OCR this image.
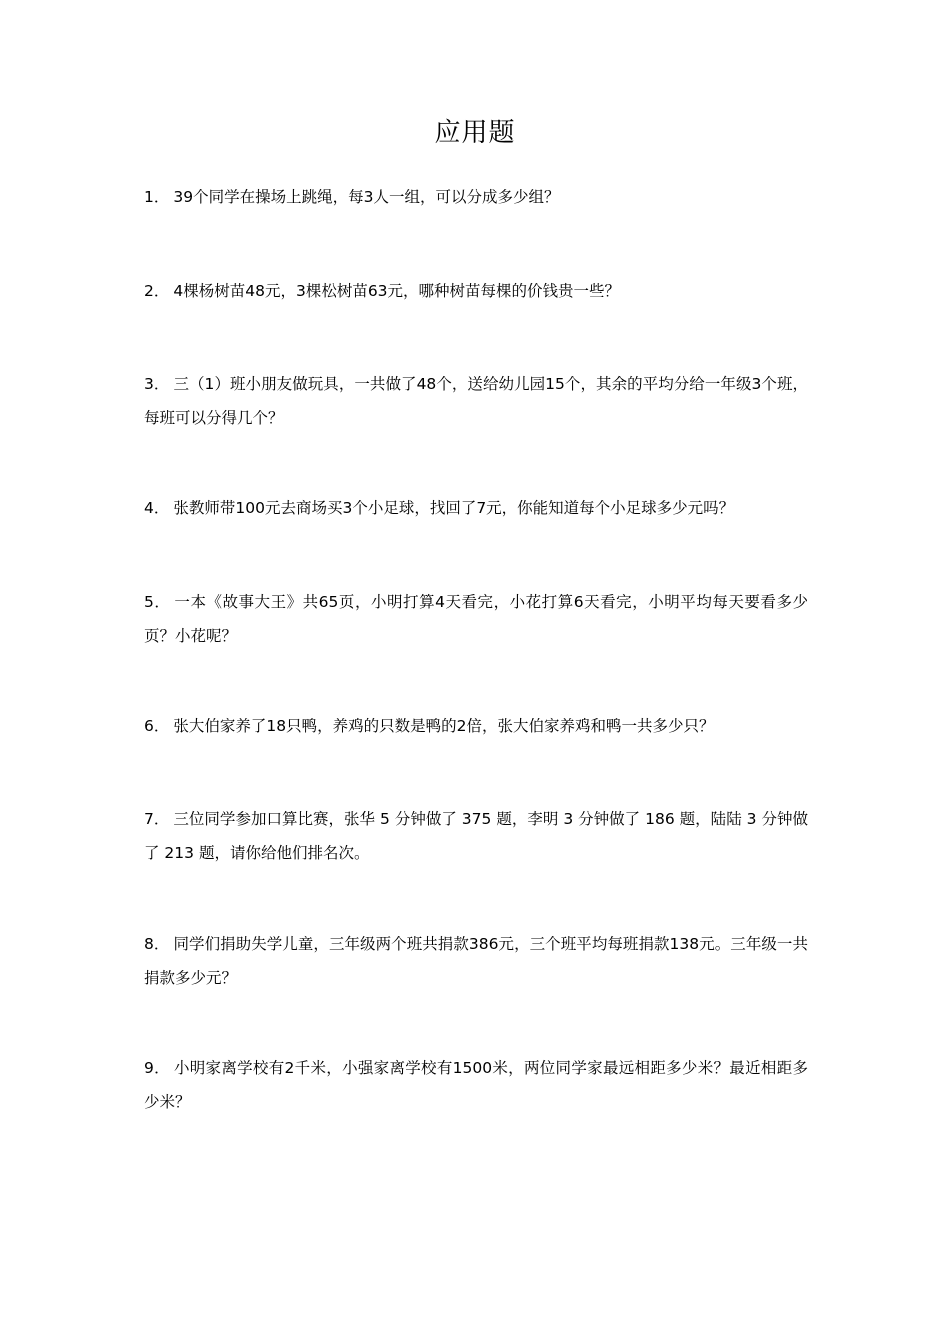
应用题
1． 39个同学在操场上跳绳，每3人一组，可以分成多少组？
2． 4棵杨树苗48元，3棵松树苗63元，哪种树苗每棵的价钱贵一些？
3． 三（1）班小朋友做玩具，一共做了48个，送给幼儿园15个，其余的平均分给一年级3个班，每班可以分得几个？
4． 张教师带100元去商场买3个小足球，找回了7元，你能知道每个小足球多少元吗？
5． 一本《故事大王》共65页，小明打算4天看完，小花打算6天看完，小明平均每天要看多少页？小花呢？
6． 张大伯家养了18只鸭，养鸡的只数是鸭的2倍，张大伯家养鸡和鸭一共多少只？
7． 三位同学参加口算比赛，张华 5 分钟做了 375 题，李明 3 分钟做了 186 题，陆陆 3 分钟做了 213 题，请你给他们排名次。
8． 同学们捐助失学儿童，三年级两个班共捐款386元，三个班平均每班捐款138元。三年级一共捐款多少元？
9． 小明家离学校有2千米，小强家离学校有1500米，两位同学家最远相距多少米？最近相距多少米？
